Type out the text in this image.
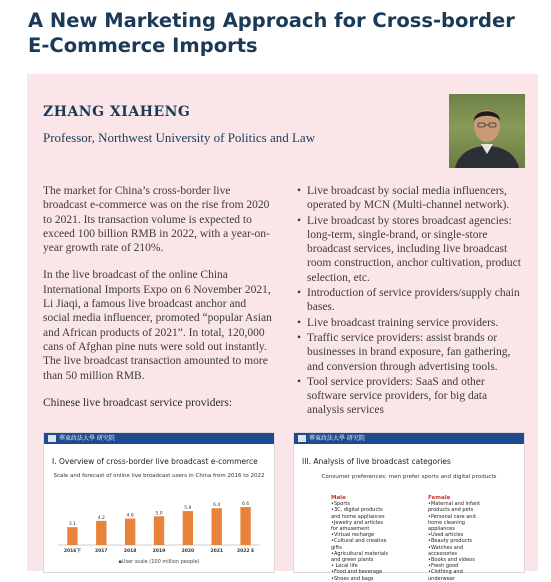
A New Marketing Approach for Cross-border E-Commerce Imports
ZHANG XIAHENG
Professor, Northwest University of Politics and Law

The market for China’s cross-border live broadcast e-commerce was on the rise from 2020 to 2021. Its transaction volume is expected to exceed 100 billion RMB in 2022, with a year-on-year growth rate of 210%.

In the live broadcast of the online China International Imports Expo on 6 November 2021, Li Jiaqi, a famous live broadcast anchor and social media influencer, promoted “popular Asian and African products of 2021”. In total, 120,000 cans of Afghan pine nuts were sold out instantly. The live broadcast transaction amounted to more than 50 million RMB.

Chinese live broadcast service providers:

• Live broadcast by social media influencers, operated by MCN (Multi-channel network).
• Live broadcast by stores broadcast agencies: long-term, single-brand, or single-store broadcast services, including live broadcast room construction, anchor cultivation, product selection, etc.
• Introduction of service providers/supply chain bases.
• Live broadcast training service providers.
• Traffic service providers: assist brands or businesses in brand exposure, fan gathering, and conversion through advertising tools.
• Tool service providers: SaaS and other software service providers, for big data analysis services
華東政法大學 研究院
I. Overview of cross-border live broadcast e-commerce
Scale and forecast of online live broadcast users in China from 2016 to 2022
3.1
2016下
4.2
2017
4.6
2018
5.0
2019
5.9
2020
6.4
2021
6.6
2022 E
▪User scale (100 million people)
華東政法大學 研究院
III. Analysis of live broadcast categories
Consumer preferences: men prefer sports and digital products
Male
•Sports
•3C, digital products
and home appliances
•Jewelry and articles
for amusement
•Virtual recharge
•Cultural and creative
gifts
•Agricultural materials
and green plants
• Local life
•Food and beverage
•Shoes and bags
Female
•Maternal and infant
products and pets
•Personal care and
home cleaning
appliances
•Used articles
•Beauty products
•Watches and
accessories
•Books and videos
•Fresh good
•Clothing and
underwear
